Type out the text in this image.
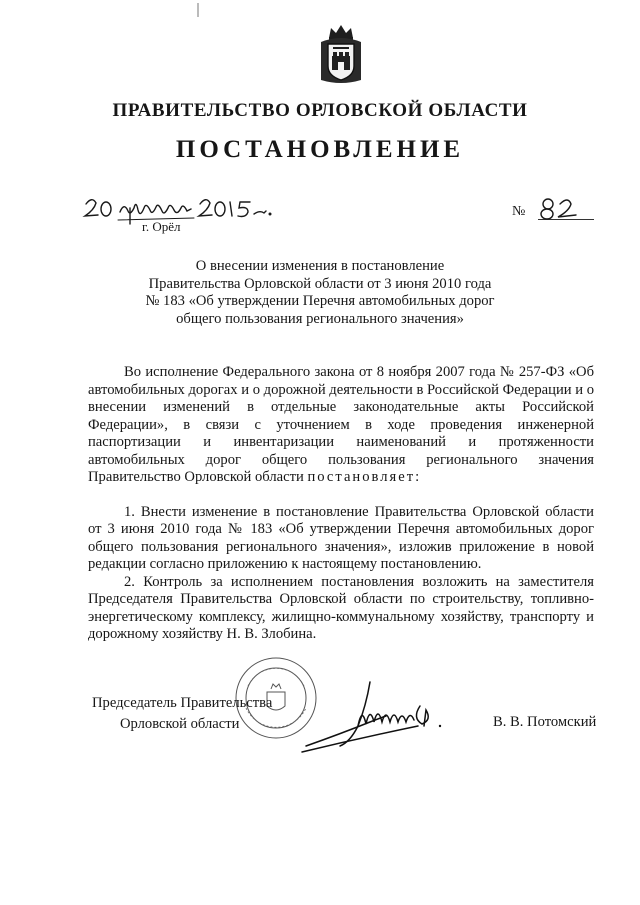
ПРАВИТЕЛЬСТВО ОРЛОВСКОЙ ОБЛАСТИ
ПОСТАНОВЛЕНИЕ
г. Орёл
№
О внесении изменения в постановление
Правительства Орловской области от 3 июня 2010 года
№ 183 «Об утверждении Перечня автомобильных дорог
общего пользования регионального значения»

Во исполнение Федерального закона от 8 ноября 2007 года № 257-ФЗ «Об автомобильных дорогах и о дорожной деятельности в Российской Федерации и о внесении изменений в отдельные законодательные акты Российской Федерации», в связи с уточнением в ходе проведения инженерной паспортизации и инвентаризации наименований и протяженности автомобильных дорог общего пользования регионального значения Правительство Орловской области постановляет:

1. Внести изменение в постановление Правительства Орловской области от 3 июня 2010 года № 183 «Об утверждении Перечня автомобильных дорог общего пользования регионального значения», изложив приложение в новой редакции согласно приложению к настоящему постановлению.

2. Контроль за исполнением постановления возложить на заместителя Председателя Правительства Орловской области по строительству, топливно-энергетическому комплексу, жилищно-коммунальному хозяйству, транспорту и дорожному хозяйству Н. В. Злобина.

Председатель Правительства
Орловской области	В. В. Потомский
